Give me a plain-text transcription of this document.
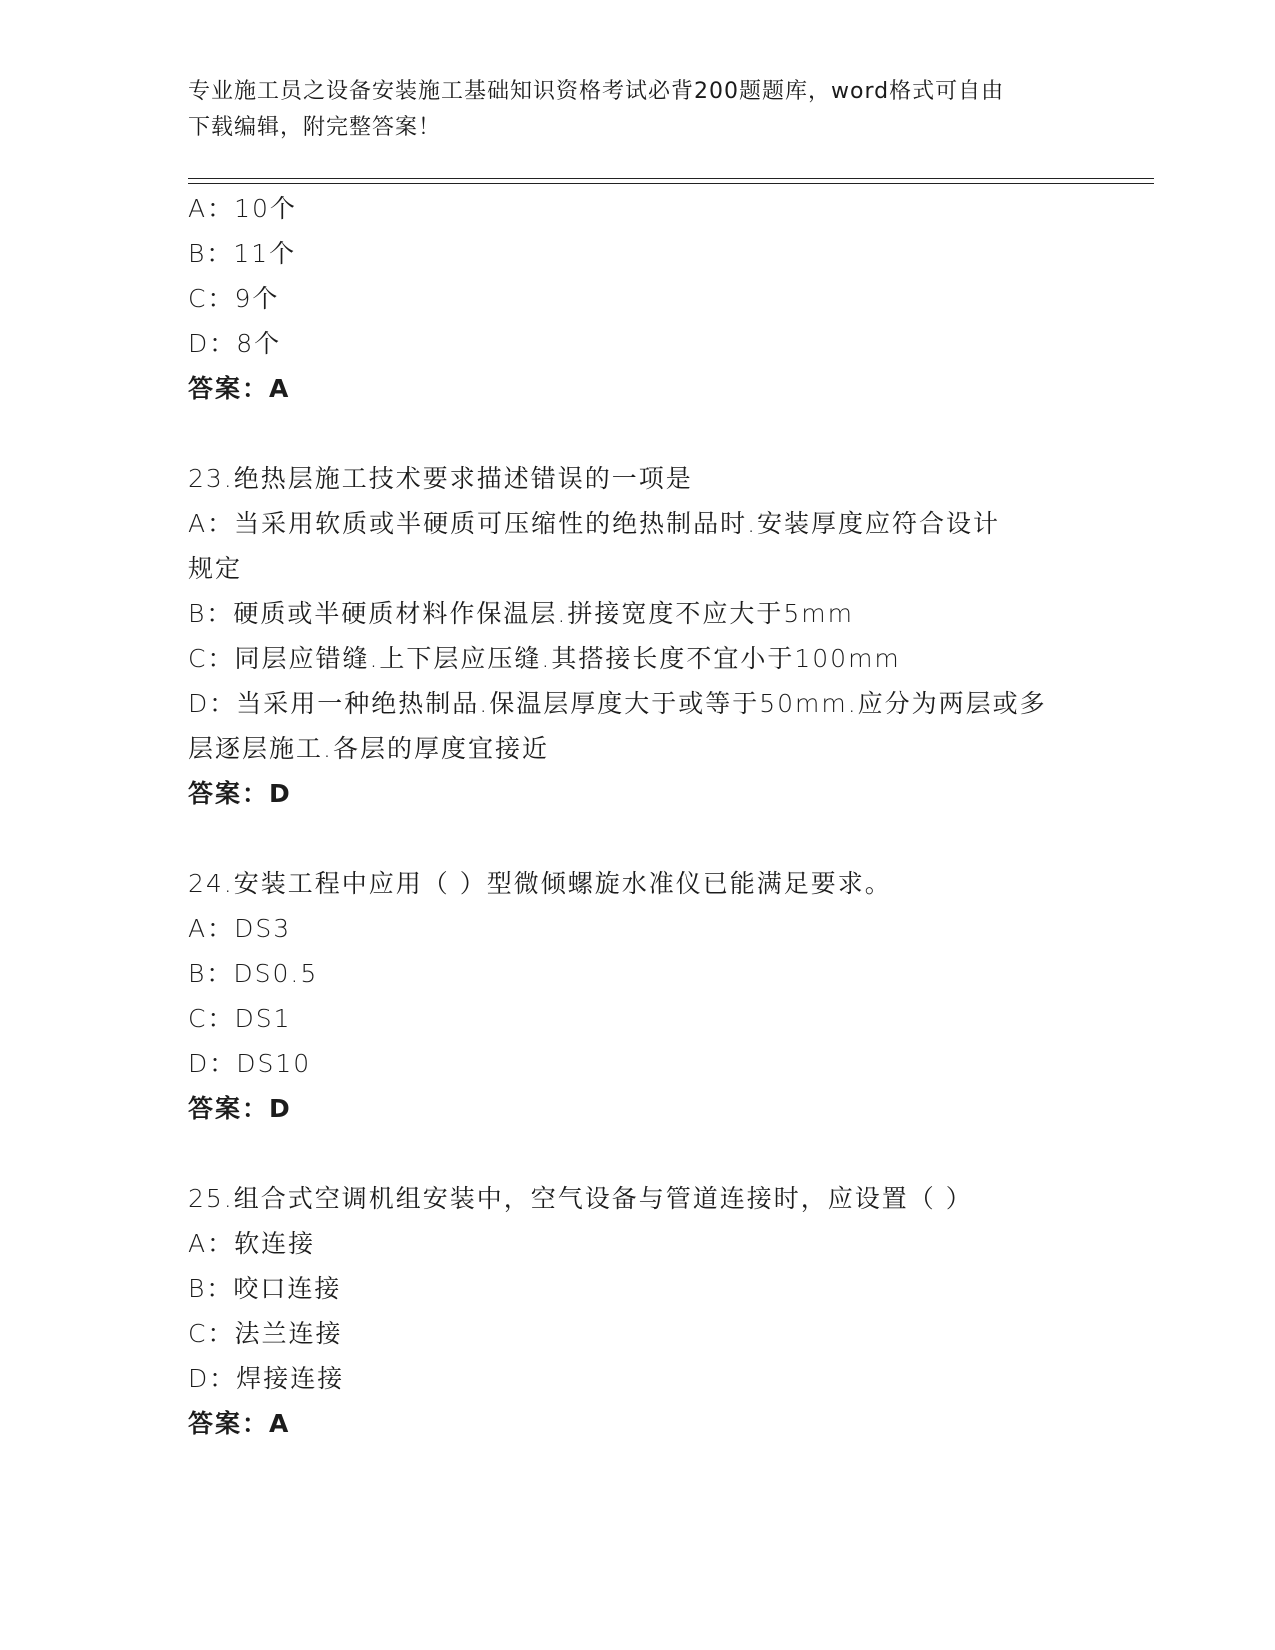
专业施工员之设备安装施工基础知识资格考试必背200题题库，word格式可自由
下载编辑，附完整答案！
A：10个
B：11个
C：9个
D：8个
答案：A
23.绝热层施工技术要求描述错误的一项是
A：当采用软质或半硬质可压缩性的绝热制品时.安装厚度应符合设计
规定
B：硬质或半硬质材料作保温层.拼接宽度不应大于5mm
C：同层应错缝.上下层应压缝.其搭接长度不宜小于100mm
D：当采用一种绝热制品.保温层厚度大于或等于50mm.应分为两层或多
层逐层施工.各层的厚度宜接近
答案：D
24.安装工程中应用（ ）型微倾螺旋水准仪已能满足要求。
A：DS3
B：DS0.5
C：DS1
D：DS10
答案：D
25.组合式空调机组安装中，空气设备与管道连接时，应设置（ ）
A：软连接
B：咬口连接
C：法兰连接
D：焊接连接
答案：A
